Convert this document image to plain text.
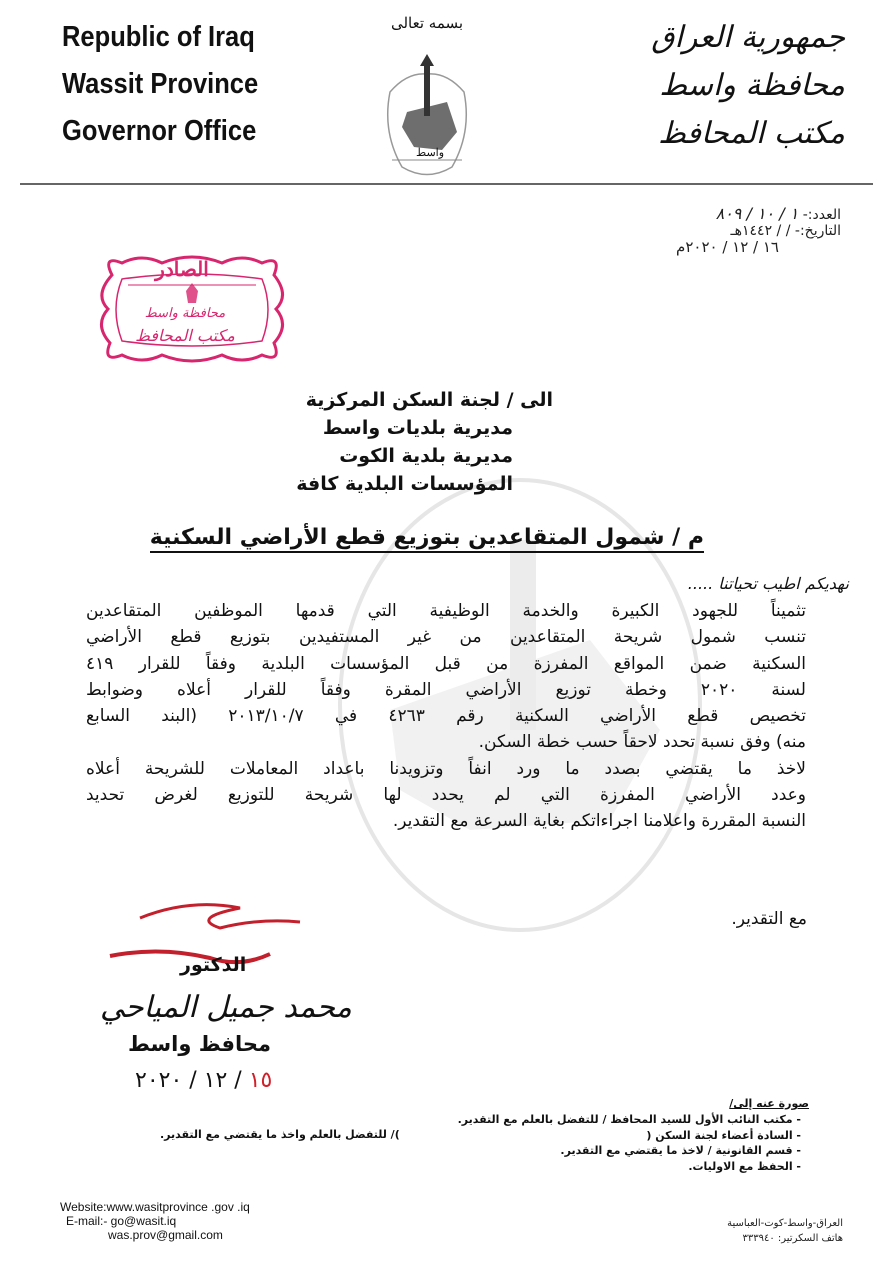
Republic of Iraq
Wassit Province
Governor Office
بسمه تعالى
واسط
جمهورية العراق
محافظة واسط
مكتب المحافظ
العدد:- ١ / ١٠ / ٨٠٩
التاريخ:- / / ١٤٤٢هـ
١٦ / ١٢ / ٢٠٢٠م
الصادر
محافظة واسط
مكتب المحافظ
الى / لجنة السكن المركزية
مديرية بلديات واسط
مديرية بلدية الكوت
المؤسسات البلدية كافة
م / شمول المتقاعدين بتوزيع قطع الأراضي السكنية
نهديكم اطيب تحياتنا .....
تثميناً للجهود الكبيرة والخدمة الوظيفية التي قدمها الموظفين المتقاعدين
تنسب شمول شريحة المتقاعدين من غير المستفيدين بتوزيع قطع الأراضي
السكنية ضمن المواقع المفرزة من قبل المؤسسات البلدية وفقاً للقرار ٤١٩
لسنة ٢٠٢٠ وخطة توزيع الأراضي المقرة وفقاً للقرار أعلاه وضوابط
تخصيص قطع الأراضي السكنية رقم ٤٢٦٣ في ٢٠١٣/١٠/٧ (البند السابع
منه) وفق نسبة تحدد لاحقاً حسب خطة السكن.
لاخذ ما يقتضي بصدد ما ورد انفاً وتزويدنا باعداد المعاملات للشريحة أعلاه
وعدد الأراضي المفرزة التي لم يحدد لها شريحة للتوزيع لغرض تحديد
النسبة المقررة واعلامنا اجراءاتكم بغاية السرعة مع التقدير.
مع التقدير.
الدكتور
محمد جميل المياحي
محافظ واسط
١٥ / ١٢ / ٢٠٢٠
صورة عنه إلى/
- مكتب النائب الأول للسيد المحافظ / للتفضل بالعلم مع التقدير.
- السادة أعضاء لجنة السكن (
- قسم القانونية / لاخذ ما يقتضي مع التقدير.
- الحفظ مع الاوليات.
)/ للتفضل بالعلم واخذ ما يقتضي مع التقدير.
Website:www.wasitprovince .gov .iq
E-mail:- go@wasit.iq
was.prov@gmail.com
العراق-واسط-كوت-العباسية
هاتف السكرتير: ٣٣٣٩٤٠
